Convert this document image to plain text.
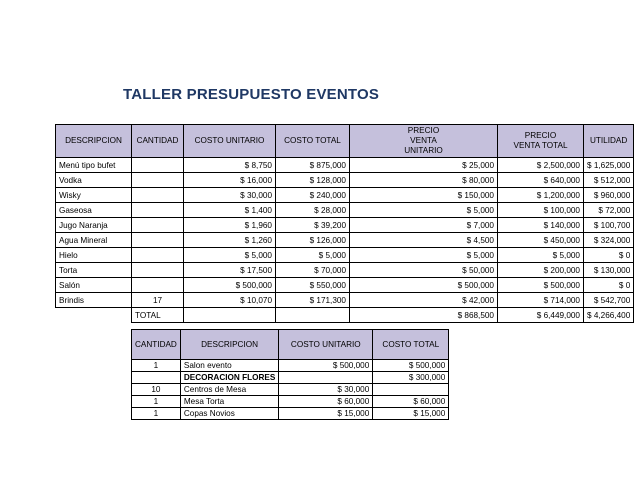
TALLER PRESUPUESTO EVENTOS
DESCRIPCION	CANTIDAD	COSTO UNITARIO	COSTO TOTAL	PRECIO VENTA UNITARIO	PRECIO VENTA TOTAL	UTILIDAD
Menú tipo bufet		$ 8,750	$ 875,000	$ 25,000	$ 2,500,000	$ 1,625,000
Vodka		$ 16,000	$ 128,000	$ 80,000	$ 640,000	$ 512,000
Wisky		$ 30,000	$ 240,000	$ 150,000	$ 1,200,000	$ 960,000
Gaseosa		$ 1,400	$ 28,000	$ 5,000	$ 100,000	$ 72,000
Jugo Naranja		$ 1,960	$ 39,200	$ 7,000	$ 140,000	$ 100,700
Agua Mineral		$ 1,260	$ 126,000	$ 4,500	$ 450,000	$ 324,000
Hielo		$ 5,000	$ 5,000	$ 5,000	$ 5,000	$ 0
Torta		$ 17,500	$ 70,000	$ 50,000	$ 200,000	$ 130,000
Salón		$ 500,000	$ 550,000	$ 500,000	$ 500,000	$ 0
Brindis	17	$ 10,070	$ 171,300	$ 42,000	$ 714,000	$ 542,700
	TOTAL			$ 868,500	$ 6,449,000	$ 4,266,400
CANTIDAD	DESCRIPCION	COSTO UNITARIO	COSTO TOTAL
1	Salon evento	$ 500,000	$ 500,000
	DECORACION FLORES		$ 300,000
10	Centros de Mesa	$ 30,000	
1	Mesa Torta	$ 60,000	$ 60,000
1	Copas Novios	$ 15,000	$ 15,000
